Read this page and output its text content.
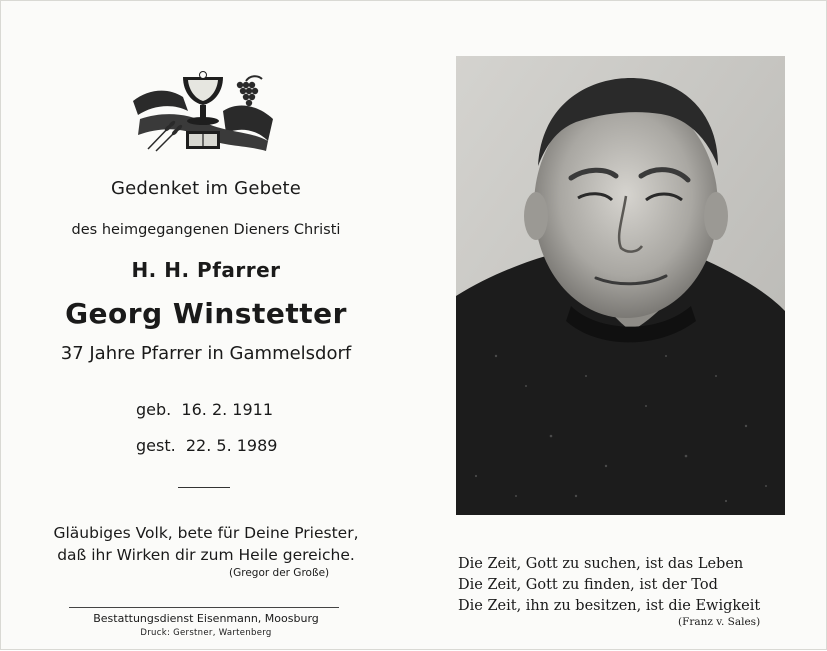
Gedenket im Gebete
des heimgegangenen Dieners Christi
H. H. Pfarrer
Georg Winstetter
37 Jahre Pfarrer in Gammelsdorf
geb.  16. 2. 1911
gest.  22. 5. 1989
Gläubiges Volk, bete für Deine Priester,
daß ihr Wirken dir zum Heile gereiche.
(Gregor der Große)
Bestattungsdienst Eisenmann, Moosburg
Druck: Gerstner, Wartenberg
Die Zeit, Gott zu suchen, ist das Leben
Die Zeit, Gott zu finden, ist der Tod
Die Zeit, ihn zu besitzen, ist die Ewigkeit
(Franz v. Sales)
